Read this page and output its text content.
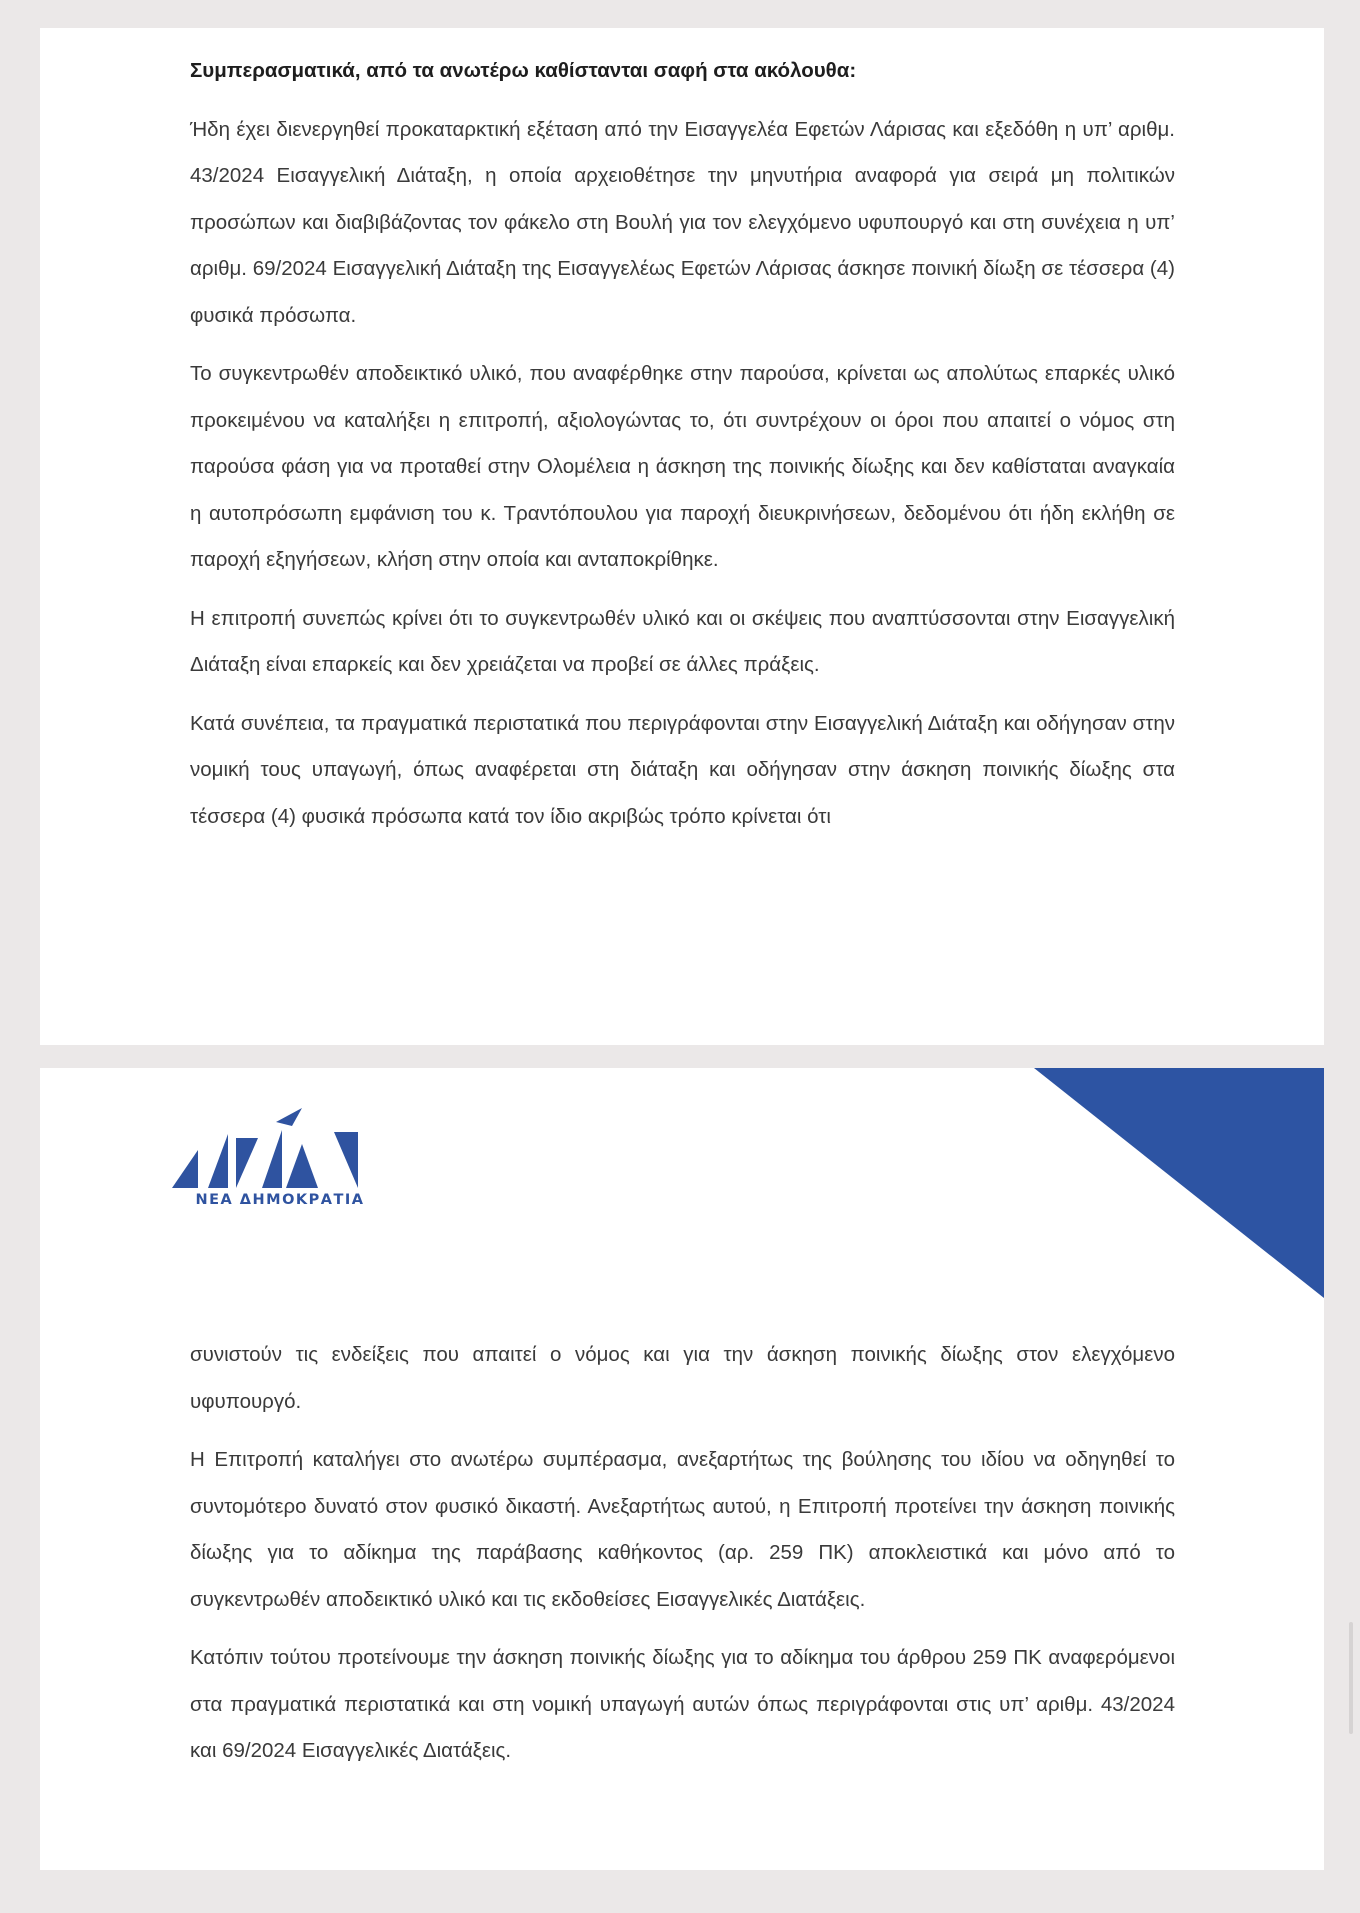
Συμπερασματικά, από τα ανωτέρω καθίστανται σαφή στα ακόλουθα:

Ήδη έχει διενεργηθεί προκαταρκτική εξέταση από την Εισαγγελέα Εφετών Λάρισας και εξεδόθη η υπ’ αριθμ. 43/2024 Εισαγγελική Διάταξη, η οποία αρχειοθέτησε την μηνυτήρια αναφορά για σειρά μη πολιτικών προσώπων και διαβιβάζοντας τον φάκελο στη Βουλή για τον ελεγχόμενο υφυπουργό και στη συνέχεια η υπ’ αριθμ. 69/2024 Εισαγγελική Διάταξη της Εισαγγελέως Εφετών Λάρισας άσκησε ποινική δίωξη σε τέσσερα (4) φυσικά πρόσωπα.

Το συγκεντρωθέν αποδεικτικό υλικό, που αναφέρθηκε στην παρούσα, κρίνεται ως απολύτως επαρκές υλικό προκειμένου να καταλήξει η επιτροπή, αξιολογώντας το, ότι συντρέχουν οι όροι που απαιτεί ο νόμος στη παρούσα φάση για να προταθεί στην Ολομέλεια η άσκηση της ποινικής δίωξης και δεν καθίσταται αναγκαία η αυτοπρόσωπη εμφάνιση του κ. Τραντόπουλου για παροχή διευκρινήσεων, δεδομένου ότι ήδη εκλήθη σε παροχή εξηγήσεων, κλήση στην οποία και ανταποκρίθηκε.

Η επιτροπή συνεπώς κρίνει ότι το συγκεντρωθέν υλικό και οι σκέψεις που αναπτύσσονται στην Εισαγγελική Διάταξη είναι επαρκείς και δεν χρειάζεται να προβεί σε άλλες πράξεις.

Κατά συνέπεια, τα πραγματικά περιστατικά που περιγράφονται στην Εισαγγελική Διάταξη και οδήγησαν στην νομική τους υπαγωγή, όπως αναφέρεται στη διάταξη και οδήγησαν στην άσκηση ποινικής δίωξης στα τέσσερα (4) φυσικά πρόσωπα κατά τον ίδιο ακριβώς τρόπο κρίνεται ότι

ΝΕΑ ΔΗΜΟΚΡΑΤΙΑ

συνιστούν τις ενδείξεις που απαιτεί ο νόμος και για την άσκηση ποινικής δίωξης στον ελεγχόμενο υφυπουργό.

Η Επιτροπή καταλήγει στο ανωτέρω συμπέρασμα, ανεξαρτήτως της βούλησης του ιδίου να οδηγηθεί το συντομότερο δυνατό στον φυσικό δικαστή. Ανεξαρτήτως αυτού, η Επιτροπή προτείνει την άσκηση ποινικής δίωξης για το αδίκημα της παράβασης καθήκοντος (αρ. 259 ΠΚ) αποκλειστικά και μόνο από το συγκεντρωθέν αποδεικτικό υλικό και τις εκδοθείσες Εισαγγελικές Διατάξεις.

Κατόπιν τούτου προτείνουμε την άσκηση ποινικής δίωξης για το αδίκημα του άρθρου 259 ΠΚ αναφερόμενοι στα πραγματικά περιστατικά και στη νομική υπαγωγή αυτών όπως περιγράφονται στις υπ’ αριθμ. 43/2024 και 69/2024 Εισαγγελικές Διατάξεις.
